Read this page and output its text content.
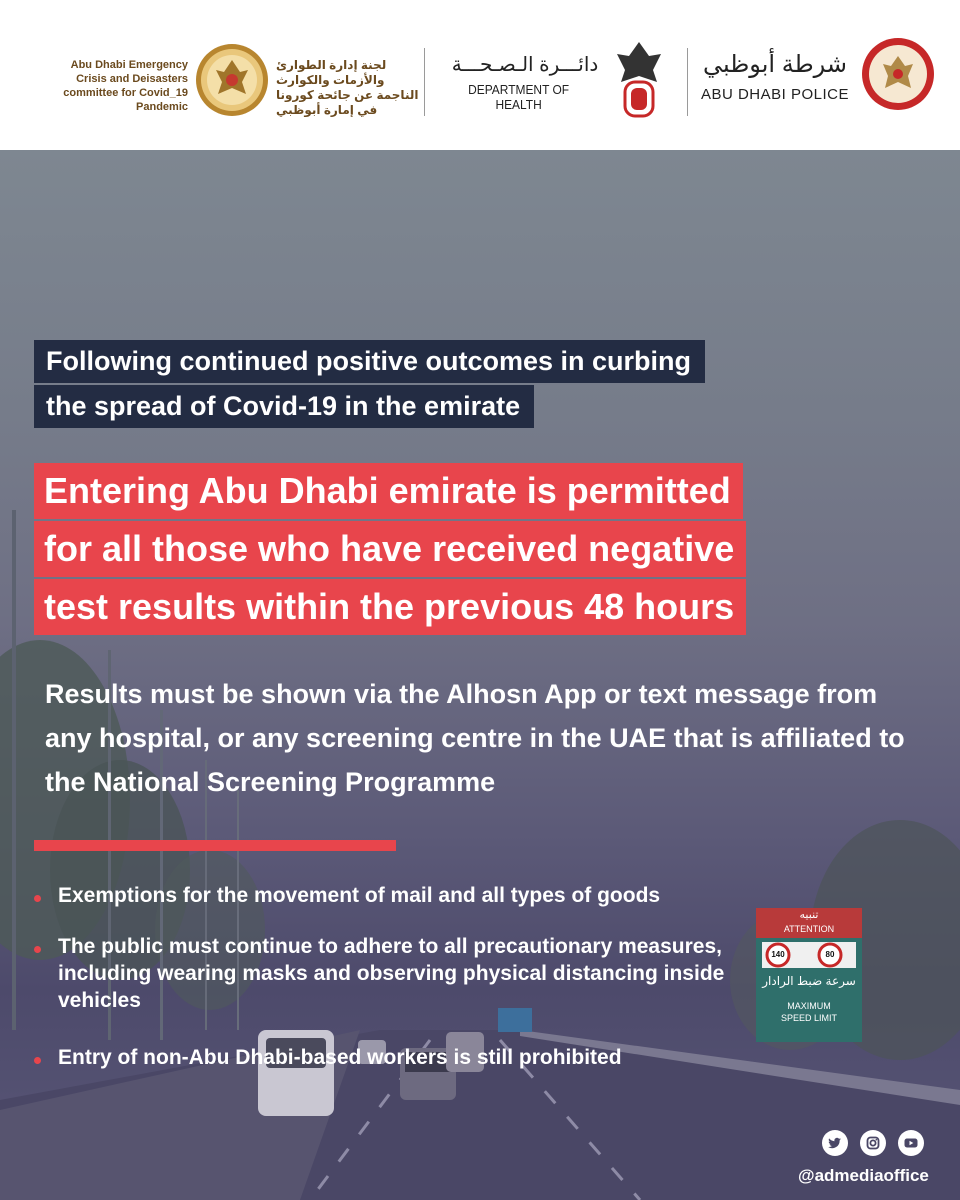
Abu Dhabi Emergency Crisis and Deisasters committee for Covid_19 Pandemic
لجنة إدارة الطوارئ والأزمات والكوارث الناجمة عن جائحة كورونا في إمارة أبوظبي
دائـــرة الـصـحـــة
DEPARTMENT OF HEALTH
شرطة أبوظبي
ABU DHABI POLICE
تنبيه
ATTENTION
140	80
سرعة ضبط الرادار
MAXIMUM
SPEED LIMIT
Following continued positive outcomes in curbing
the spread of Covid-19 in the emirate
Entering Abu Dhabi emirate is permitted
for all those who have received negative
test results within the previous 48 hours
Results must be shown via the Alhosn App or text message from any hospital, or any screening centre in the UAE that is affiliated to the National Screening Programme
Exemptions for the movement of mail and all types of goods
The public must continue to adhere to all precautionary measures, including wearing masks and observing physical distancing inside vehicles
Entry of non-Abu Dhabi-based workers is still prohibited
@admediaoffice
